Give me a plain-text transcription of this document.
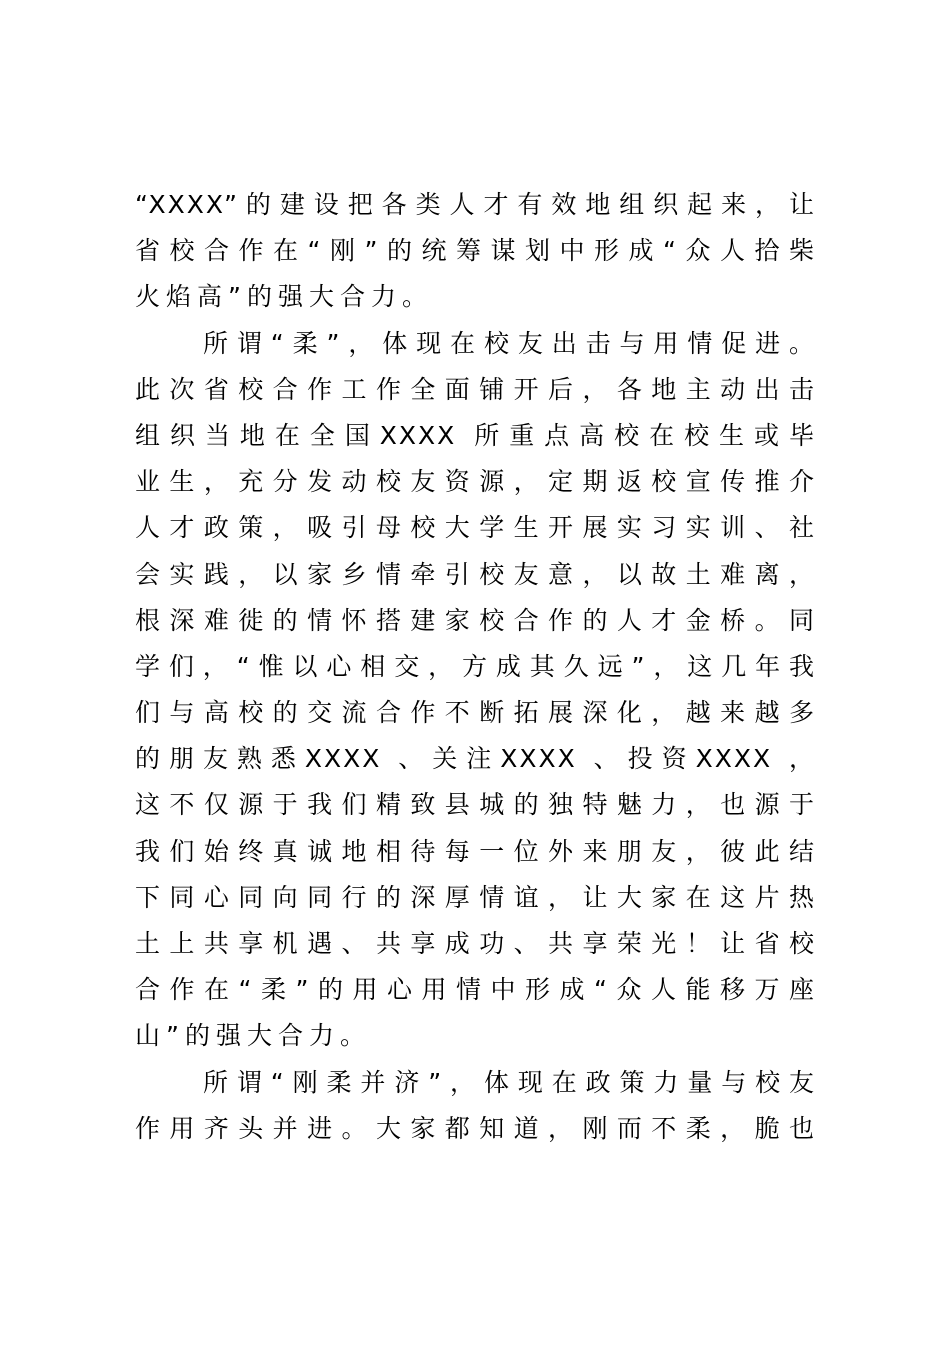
“XXXX”的建设把各类人才有效地组织起来，让
省校合作在“刚”的统筹谋划中形成“众人拾柴
火焰高”的强大合力。
所谓“柔”，体现在校友出击与用情促进。
此次省校合作工作全面铺开后，各地主动出击
组织当地在全国XXXX 所重点高校在校生或毕
业生，充分发动校友资源，定期返校宣传推介
人才政策，吸引母校大学生开展实习实训、社
会实践，以家乡情牵引校友意，以故土难离，
根深难徙的情怀搭建家校合作的人才金桥。同
学们，“惟以心相交，方成其久远”，这几年我
们与高校的交流合作不断拓展深化，越来越多
的朋友熟悉XXXX 、关注XXXX 、投资XXXX ，
这不仅源于我们精致县城的独特魅力，也源于
我们始终真诚地相待每一位外来朋友，彼此结
下同心同向同行的深厚情谊，让大家在这片热
土上共享机遇、共享成功、共享荣光！让省校
合作在“柔”的用心用情中形成“众人能移万座
山”的强大合力。
所谓“刚柔并济”，体现在政策力量与校友
作用齐头并进。大家都知道，刚而不柔，脆也
